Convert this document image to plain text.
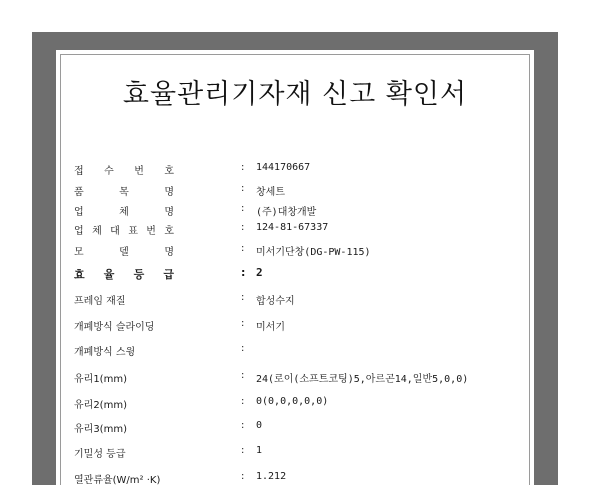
효율관리기자재 신고 확인서
접 수 번 호	: 144170667
품	목	명	: 창세트
업	체	명	: (주)대창개발
업 체 대 표 번 호	: 124-81-67337
모	델	명	: 미서기단창(DG-PW-115)
효 율 등 급	: 2
프레임 재질	: 합성수지
개폐방식 슬라이딩	: 미서기
개폐방식 스윙	:
유리1(mm)	: 24(로이(소프트코팅)5,아르곤14,일반5,0,0)
유리2(mm)	: 0(0,0,0,0,0)
유리3(mm)	: 0
기밀성 등급	: 1
열관류율(W/m² ·K)	: 1.212
